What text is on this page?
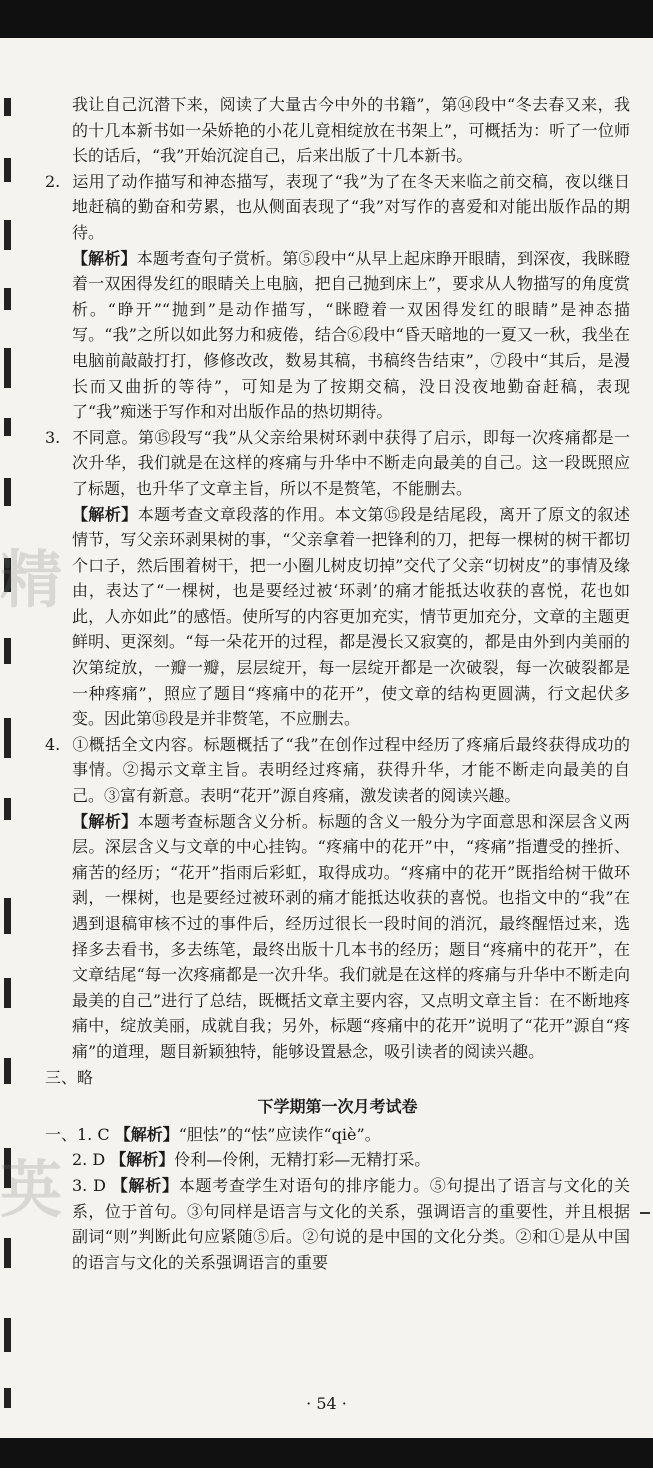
精
英

我让自己沉潜下来，阅读了大量古今中外的书籍”，第⑭段中“冬去春又来，我的十几本新书如一朵娇艳的小花儿竟相绽放在书架上”，可概括为：听了一位师长的话后，“我”开始沉淀自己，后来出版了十几本新书。

2. 运用了动作描写和神态描写，表现了“我”为了在冬天来临之前交稿，夜以继日地赶稿的勤奋和劳累，也从侧面表现了“我”对写作的喜爱和对能出版作品的期待。

【解析】本题考查句子赏析。第⑤段中“从早上起床睁开眼睛，到深夜，我眯瞪着一双困得发红的眼睛关上电脑，把自己抛到床上”，要求从人物描写的角度赏析。“睁开”“抛到”是动作描写，“眯瞪着一双困得发红的眼睛”是神态描写。“我”之所以如此努力和疲倦，结合⑥段中“昏天暗地的一夏又一秋，我坐在电脑前敲敲打打，修修改改，数易其稿，书稿终告结束”，⑦段中“其后，是漫长而又曲折的等待”，可知是为了按期交稿，没日没夜地勤奋赶稿，表现了“我”痴迷于写作和对出版作品的热切期待。

3. 不同意。第⑮段写“我”从父亲给果树环剥中获得了启示，即每一次疼痛都是一次升华，我们就是在这样的疼痛与升华中不断走向最美的自己。这一段既照应了标题，也升华了文章主旨，所以不是赘笔，不能删去。

【解析】本题考查文章段落的作用。本文第⑮段是结尾段，离开了原文的叙述情节，写父亲环剥果树的事，“父亲拿着一把锋利的刀，把每一棵树的树干都切个口子，然后围着树干，把一小圈儿树皮切掉”交代了父亲“切树皮”的事情及缘由，表达了“一棵树，也是要经过被‘环剥’的痛才能抵达收获的喜悦，花也如此，人亦如此”的感悟。使所写的内容更加充实，情节更加充分，文章的主题更鲜明、更深刻。“每一朵花开的过程，都是漫长又寂寞的，都是由外到内美丽的次第绽放，一瓣一瓣，层层绽开，每一层绽开都是一次破裂，每一次破裂都是一种疼痛”，照应了题目“疼痛中的花开”，使文章的结构更圆满，行文起伏多变。因此第⑮段是并非赘笔，不应删去。

4. ①概括全文内容。标题概括了“我”在创作过程中经历了疼痛后最终获得成功的事情。②揭示文章主旨。表明经过疼痛，获得升华，才能不断走向最美的自己。③富有新意。表明“花开”源自疼痛，激发读者的阅读兴趣。

【解析】本题考查标题含义分析。标题的含义一般分为字面意思和深层含义两层。深层含义与文章的中心挂钩。“疼痛中的花开”中，“疼痛”指遭受的挫折、痛苦的经历；“花开”指雨后彩虹，取得成功。“疼痛中的花开”既指给树干做环剥，一棵树，也是要经过被环剥的痛才能抵达收获的喜悦。也指文中的“我”在遇到退稿审核不过的事件后，经历过很长一段时间的消沉，最终醒悟过来，选择多去看书，多去练笔，最终出版十几本书的经历；题目“疼痛中的花开”，在文章结尾“每一次疼痛都是一次升华。我们就是在这样的疼痛与升华中不断走向最美的自己”进行了总结，既概括文章主要内容，又点明文章主旨：在不断地疼痛中，绽放美丽，成就自我；另外，标题“疼痛中的花开”说明了“花开”源自“疼痛”的道理，题目新颖独特，能够设置悬念，吸引读者的阅读兴趣。

三、略

下学期第一次月考试卷

一、1. C 【解析】“胆怯”的“怯”应读作“qiè”。

2. D 【解析】伶利—伶俐，无精打彩—无精打采。

3. D 【解析】本题考查学生对语句的排序能力。⑤句提出了语言与文化的关系，位于首句。③句同样是语言与文化的关系，强调语言的重要性，并且根据副词“则”判断此句应紧随⑤后。②句说的是中国的文化分类。②和①是从中国的语言与文化的关系强调语言的重要

· 54 ·
